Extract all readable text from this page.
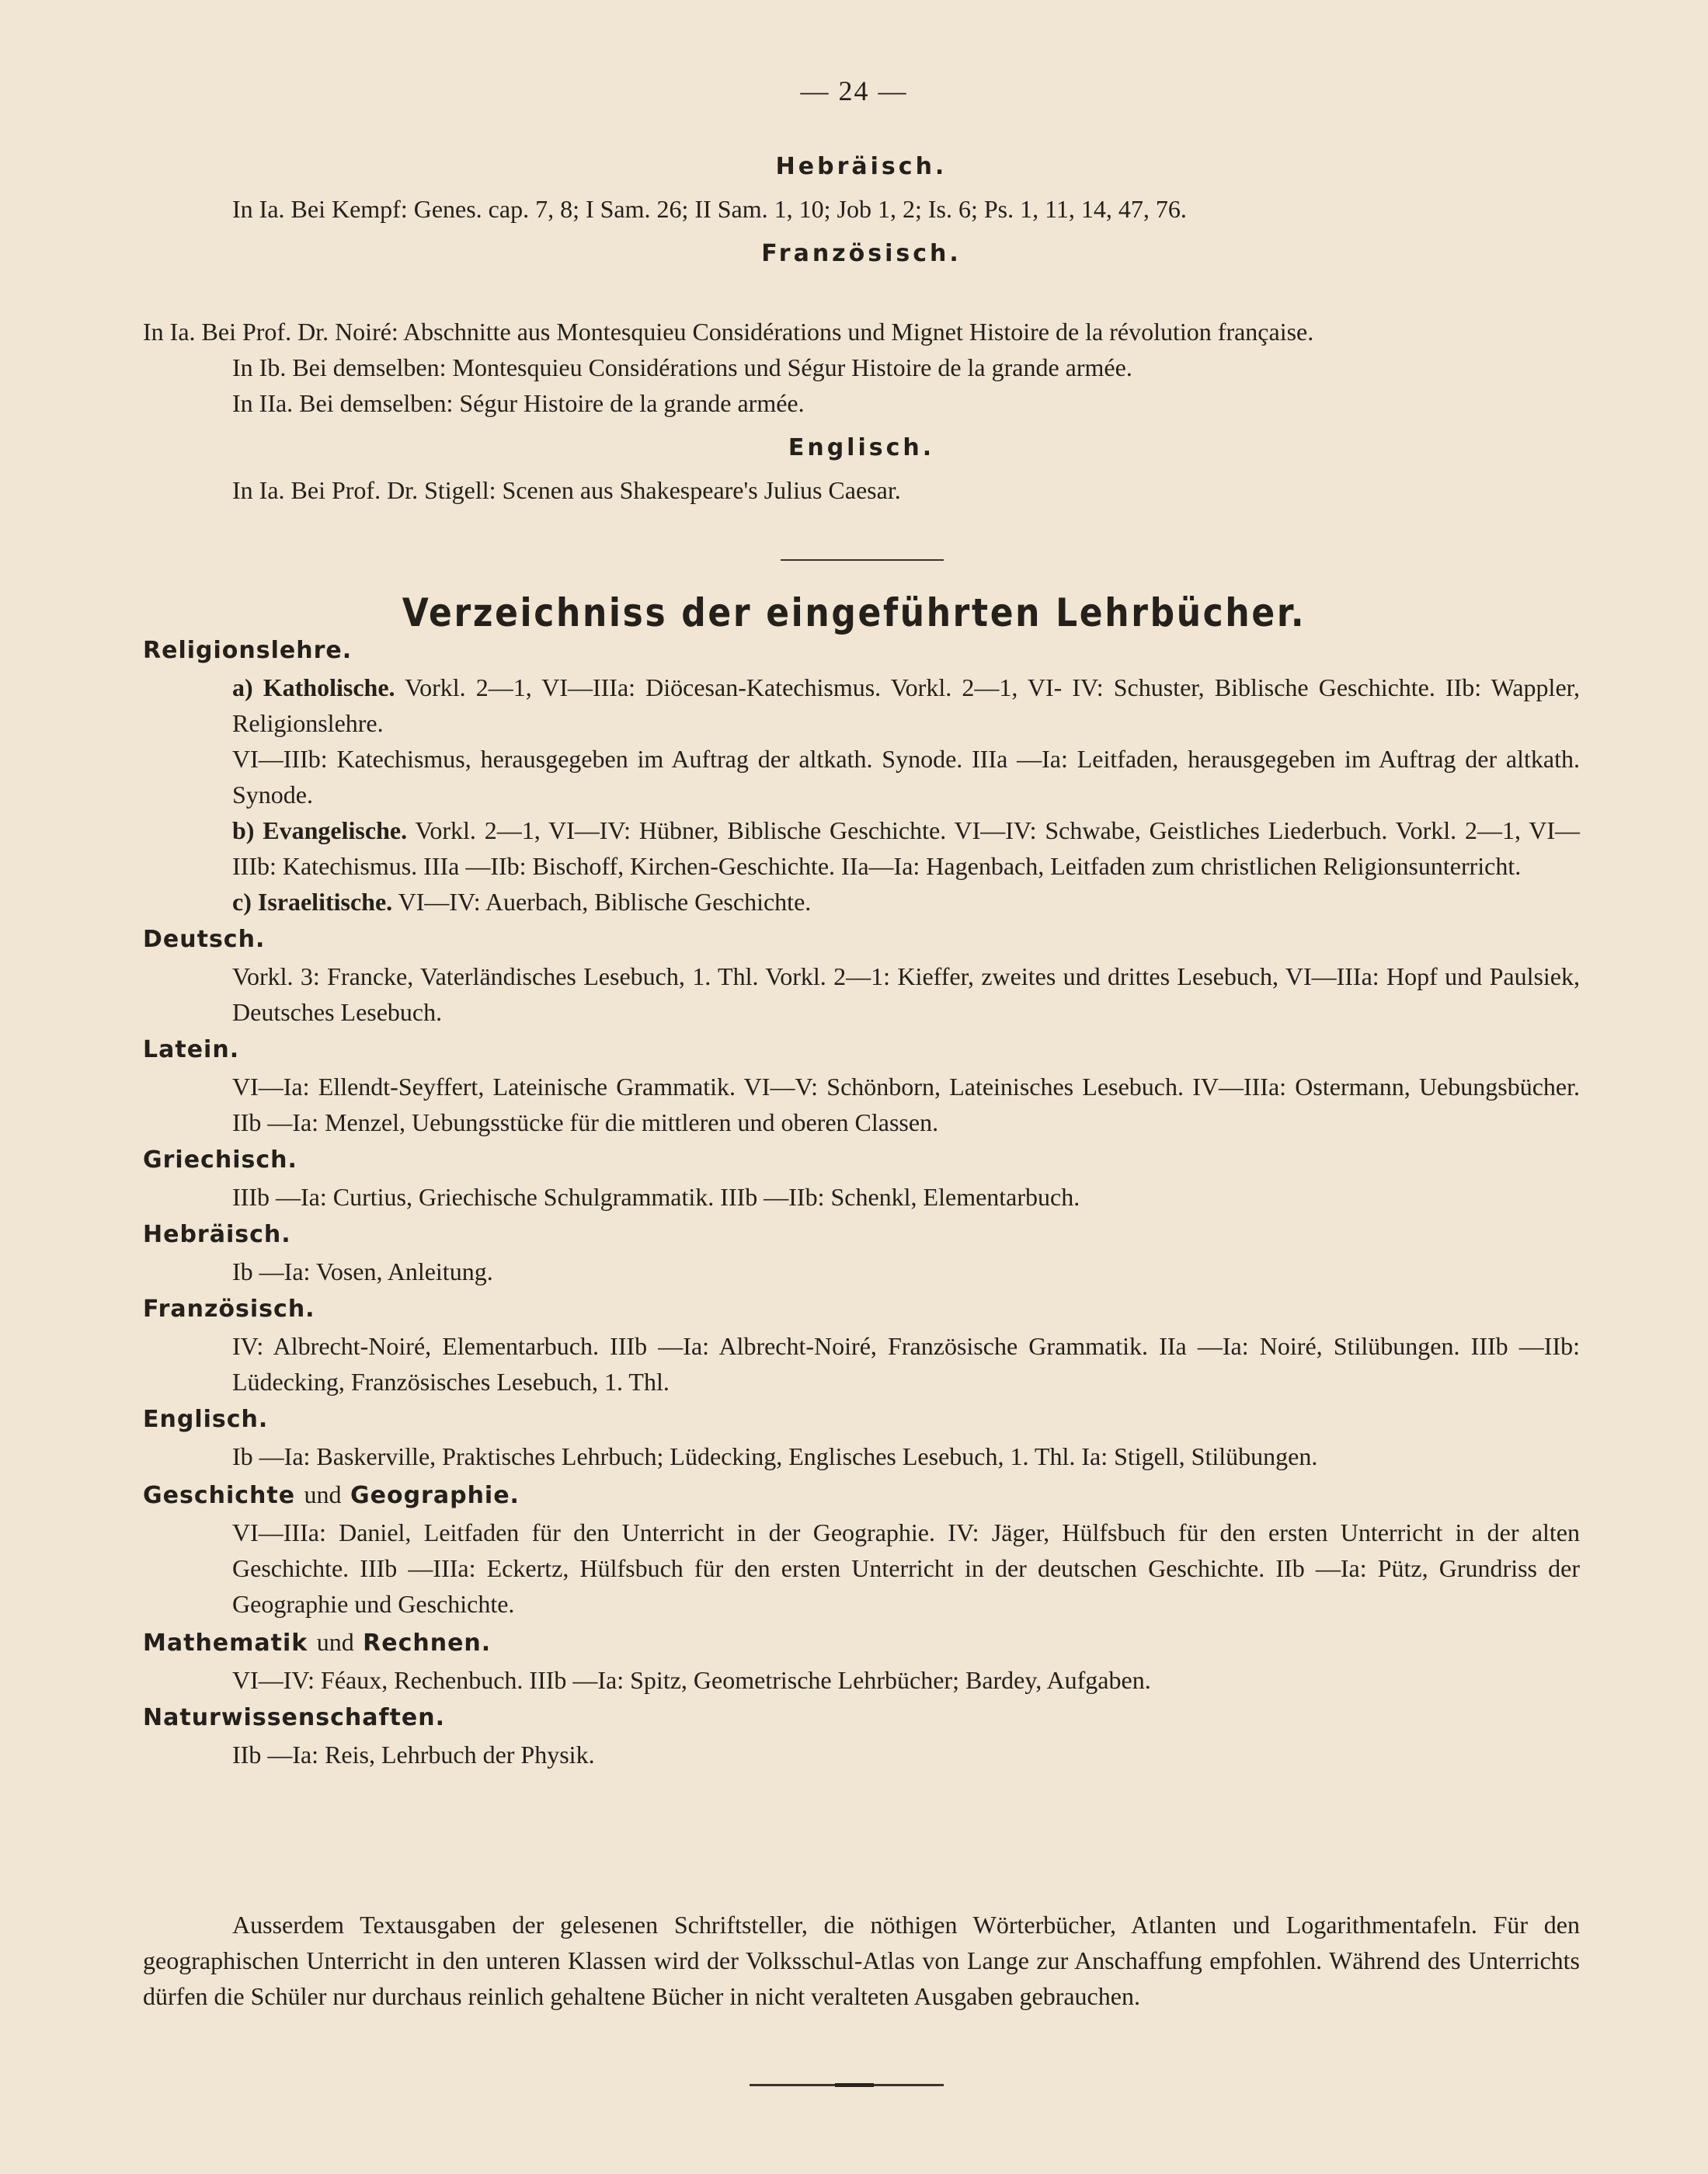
— 24 —
Hebräisch.

In Ia. Bei Kempf: Genes. cap. 7, 8; I Sam. 26; II Sam. 1, 10; Job 1, 2; Is. 6; Ps. 1, 11, 14, 47, 76.

Französisch.

In Ia. Bei Prof. Dr. Noiré: Abschnitte aus Montesquieu Considérations und Mignet Histoire de la révolution française.

In Ib. Bei demselben: Montesquieu Considérations und Ségur Histoire de la grande armée.

In IIa. Bei demselben: Ségur Histoire de la grande armée.

Englisch.

In Ia. Bei Prof. Dr. Stigell: Scenen aus Shakespeare's Julius Caesar.

Verzeichniss der eingeführten Lehrbücher.
Religionslehre.
a) Katholische. Vorkl. 2—1, VI—IIIa: Diöcesan-Katechismus. Vorkl. 2—1, VI- IV: Schuster, Biblische Geschichte. IIb: Wappler, Religionslehre.
VI—IIIb: Katechismus, herausgegeben im Auftrag der altkath. Synode. IIIa —Ia: Leitfaden, herausgegeben im Auftrag der altkath. Synode.
b) Evangelische. Vorkl. 2—1, VI—IV: Hübner, Biblische Geschichte. VI—IV: Schwabe, Geistliches Liederbuch. Vorkl. 2—1, VI—IIIb: Katechismus. IIIa —IIb: Bischoff, Kirchen-Geschichte. IIa—Ia: Hagenbach, Leitfaden zum christlichen Religionsunterricht.
c) Israelitische. VI—IV: Auerbach, Biblische Geschichte.
Deutsch.
Vorkl. 3: Francke, Vaterländisches Lesebuch, 1. Thl. Vorkl. 2—1: Kieffer, zweites und drittes Lesebuch, VI—IIIa: Hopf und Paulsiek, Deutsches Lesebuch.
Latein.
VI—Ia: Ellendt-Seyffert, Lateinische Grammatik. VI—V: Schönborn, Lateinisches Lesebuch. IV—IIIa: Ostermann, Uebungsbücher. IIb —Ia: Menzel, Uebungsstücke für die mittleren und oberen Classen.
Griechisch.
IIIb —Ia: Curtius, Griechische Schulgrammatik. IIIb —IIb: Schenkl, Elementarbuch.
Hebräisch.
Ib —Ia: Vosen, Anleitung.
Französisch.
IV: Albrecht-Noiré, Elementarbuch. IIIb —Ia: Albrecht-Noiré, Französische Grammatik. IIa —Ia: Noiré, Stilübungen. IIIb —IIb: Lüdecking, Französisches Lesebuch, 1. Thl.
Englisch.
Ib —Ia: Baskerville, Praktisches Lehrbuch; Lüdecking, Englisches Lesebuch, 1. Thl. Ia: Stigell, Stilübungen.
Geschichte und Geographie.
VI—IIIa: Daniel, Leitfaden für den Unterricht in der Geographie. IV: Jäger, Hülfsbuch für den ersten Unterricht in der alten Geschichte. IIIb —IIIa: Eckertz, Hülfsbuch für den ersten Unterricht in der deutschen Geschichte. IIb —Ia: Pütz, Grundriss der Geographie und Geschichte.
Mathematik und Rechnen.
VI—IV: Féaux, Rechenbuch. IIIb —Ia: Spitz, Geometrische Lehrbücher; Bardey, Aufgaben.
Naturwissenschaften.
IIb —Ia: Reis, Lehrbuch der Physik.
Ausserdem Textausgaben der gelesenen Schriftsteller, die nöthigen Wörterbücher, Atlanten und Logarithmentafeln. Für den geographischen Unterricht in den unteren Klassen wird der Volksschul-Atlas von Lange zur Anschaffung empfohlen. Während des Unterrichts dürfen die Schüler nur durchaus reinlich gehaltene Bücher in nicht veralteten Ausgaben gebrauchen.
